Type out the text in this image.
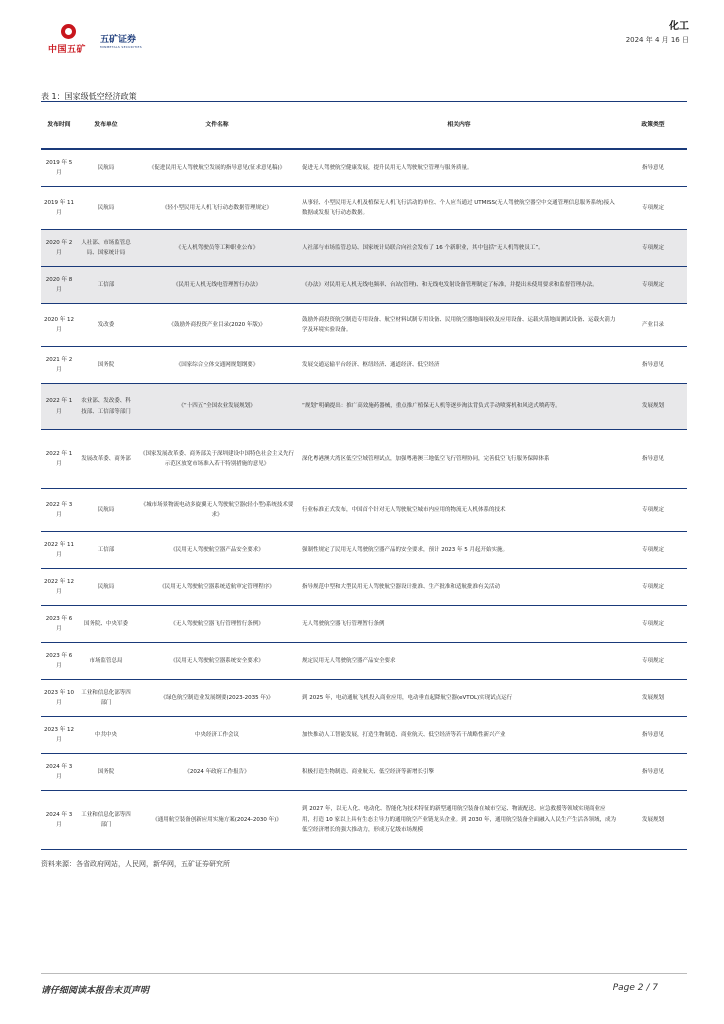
中国五矿
五矿证券
MINMETALS SECURITIES
化工
2024 年 4 月 16 日
表 1：国家级低空经济政策
发布时间	发布单位	文件名称	相关内容	政策类型
2019 年 5 月	民航局	《促进民用无人驾驶航空发展的指导意见(征求意见稿)》	促进无人驾驶航空健康发展，提升民用无人驾驶航空管理与服务质量。	指导意见
2019 年 11 月	民航局	《轻小型民用无人机飞行动态数据管理规定》	从事轻、小型民用无人机及植保无人机飞行活动的单位、个人应当通过 UTMISS(无人驾驶航空器空中交通管理信息服务系统)接入数据或发报飞行动态数据。	专项规定
2020 年 2 月	人社部、市场监管总局、国家统计局	《无人机驾驶员等工种职业公布》	人社部与市场监管总局、国家统计局联合向社会发布了 16 个新职业，其中包括“无人机驾驶员工”。	专项规定
2020 年 8 月	工信部	《民用无人机无线电管理暂行办法》	《办法》对民用无人机无线电频率、台站(管理)、和无线电发射设备管理制定了标准，并提出未使用要求和监督管理办法。	专项规定
2020 年 12 月	发改委	《鼓励外商投资产业目录(2020 年版)》	鼓励外商投资航空制造专用设备、航空材料试制专用设备、民用航空器地面接收及应用设备、运载火箭地面测试设备、运载火箭力学及环境实验设备。	产业目录
2021 年 2 月	国务院	《国家综合立体交通网规划纲要》	发展交通运输平台经济、枢纽经济、通道经济、低空经济	指导意见
2022 年 1 月	农业部、发改委、科技部、工信部等部门	《“十四五”全国农业发展规划》	“规划”明确提出：推广高效施药器械，重点推广植保无人机等逐步淘汰背负式手动喷雾机和风送式喷药等。	发展规划
2022 年 1 月	发展改革委、商务部	《国家发展改革委、商务部关于深圳建设中国特色社会主义先行示范区放宽市场准入若干特别措施的意见》	深化粤港澳大湾区低空空域管理试点，加强粤港澳三地低空飞行管理协同，完善低空飞行服务保障体系	指导意见
2022 年 3 月	民航局	《城市场景物流电动多旋翼无人驾驶航空器(轻小型)系统技术要求》	行业标准正式发布，中国首个针对无人驾驶航空城市内应用的物流无人机体系的技术	专项规定
2022 年 11 月	工信部	《民用无人驾驶航空器产品安全要求》	强制性规定了民用无人驾驶航空器产品的安全要求，预计 2023 年 5 月起开始实施。	专项规定
2022 年 12 月	民航局	《民用无人驾驶航空器系统适航审定管理程序》	指导规范中型和大型民用无人驾驶航空器设计批准、生产批准和适航批准有关活动	专项规定
2023 年 6 月	国务院、中央军委	《无人驾驶航空器飞行管理暂行条例》	无人驾驶航空器飞行管理暂行条例	专项规定
2023 年 6 月	市场监管总局	《民用无人驾驶航空器系统安全要求》	规定民用无人驾驶航空器产品安全要求	专项规定
2023 年 10 月	工业和信息化部等四部门	《绿色航空制造业发展纲要(2023-2035 年)》	到 2025 年，电动通航飞机投入商业应用，电动垂直起降航空器(eVTOL)实现试点运行	发展规划
2023 年 12 月	中共中央	中央经济工作会议	加快推动人工智能发展，打造生物制造、商业航天、低空经济等若干战略性新兴产业	指导意见
2024 年 3 月	国务院	《2024 年政府工作报告》	积极打造生物制造、商业航天、低空经济等新增长引擎	指导意见
2024 年 3 月	工业和信息化部等四部门	《通用航空装备创新应用实施方案(2024-2030 年)》	到 2027 年，以无人化、电动化、智能化为技术特征的新型通用航空装备在城市空运、物流配送、应急救援等领域实现商业应用，打造 10 家以上具有生态主导力的通用航空产业链龙头企业。到 2030 年，通用航空装备全面融入人民生产生活各领域，成为低空经济增长的强大推动力，形成万亿级市场规模	发展规划
资料来源：各省政府网站，人民网，新华网，五矿证券研究所
请仔细阅读本报告末页声明	Page 2 / 7
